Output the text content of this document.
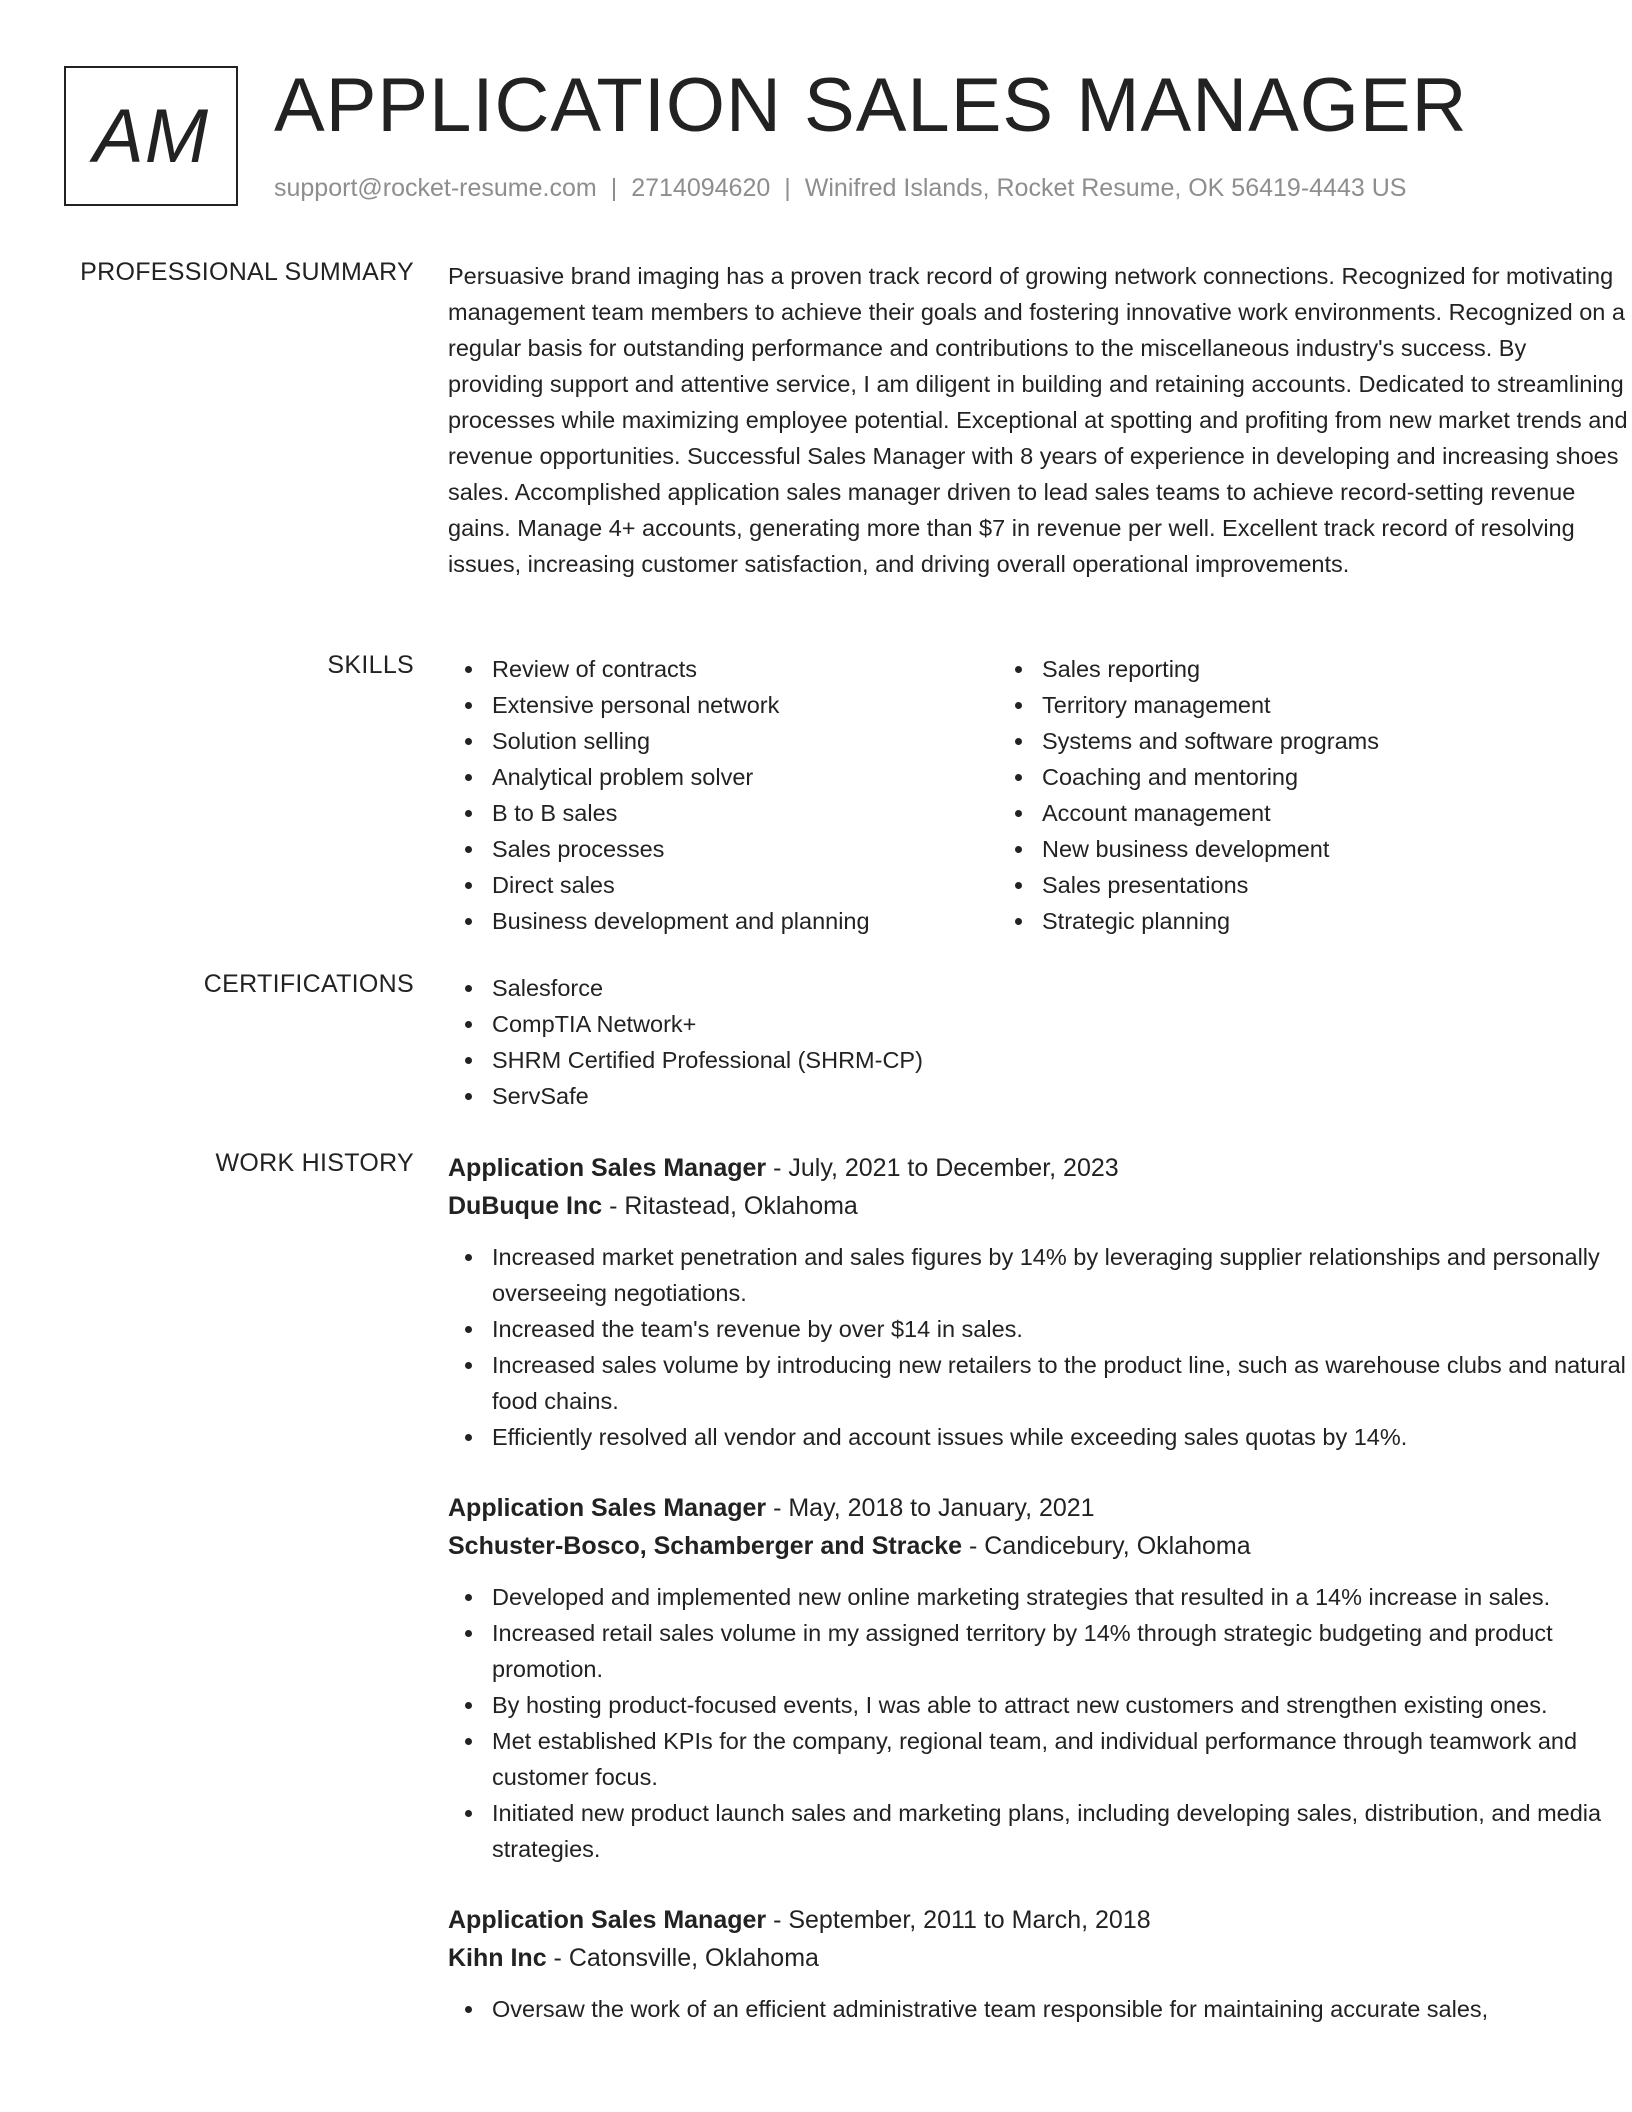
AM APPLICATION SALES MANAGER
support@rocket-resume.com | 2714094620 | Winifred Islands, Rocket Resume, OK 56419-4443 US
PROFESSIONAL SUMMARY Persuasive brand imaging has a proven track record of growing network connections. Recognized for motivating management team members to achieve their goals and fostering innovative work environments. Recognized on a regular basis for outstanding performance and contributions to the miscellaneous industry's success. By providing support and attentive service, I am diligent in building and retaining accounts. Dedicated to streamlining processes while maximizing employee potential. Exceptional at spotting and profiting from new market trends and revenue opportunities. Successful Sales Manager with 8 years of experience in developing and increasing shoes sales. Accomplished application sales manager driven to lead sales teams to achieve record-setting revenue gains. Manage 4+ accounts, generating more than $7 in revenue per well. Excellent track record of resolving issues, increasing customer satisfaction, and driving overall operational improvements.

SKILLS	Review of contracts
Extensive personal network
Solution selling
Analytical problem solver
B to B sales
Sales processes
Direct sales
Business development and planning
Sales reporting
Territory management
Systems and software programs
Coaching and mentoring
Account management
New business development
Sales presentations
Strategic planning
CERTIFICATIONS	Salesforce
CompTIA Network+
SHRM Certified Professional (SHRM-CP)
ServSafe
WORK HISTORY Application Sales Manager - July, 2021 to December, 2023
DuBuque Inc - Ritastead, Oklahoma
Increased market penetration and sales figures by 14% by leveraging supplier relationships and personally overseeing negotiations.
Increased the team's revenue by over $14 in sales.
Increased sales volume by introducing new retailers to the product line, such as warehouse clubs and natural food chains.
Efficiently resolved all vendor and account issues while exceeding sales quotas by 14%.
Application Sales Manager - May, 2018 to January, 2021
Schuster-Bosco, Schamberger and Stracke - Candicebury, Oklahoma
Developed and implemented new online marketing strategies that resulted in a 14% increase in sales.
Increased retail sales volume in my assigned territory by 14% through strategic budgeting and product promotion.
By hosting product-focused events, I was able to attract new customers and strengthen existing ones.
Met established KPIs for the company, regional team, and individual performance through teamwork and customer focus.
Initiated new product launch sales and marketing plans, including developing sales, distribution, and media strategies.
Application Sales Manager - September, 2011 to March, 2018
Kihn Inc - Catonsville, Oklahoma
Oversaw the work of an efficient administrative team responsible for maintaining accurate sales,
